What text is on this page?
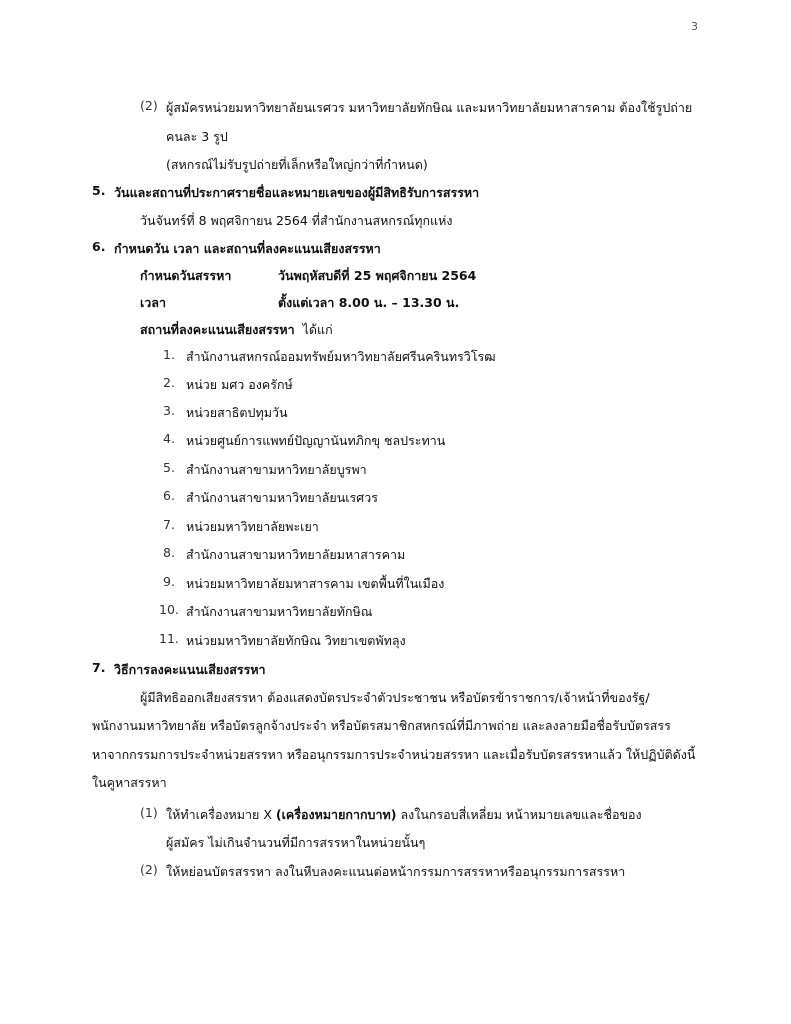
3
(2) ผู้สมัครหน่วยมหาวิทยาลัยนเรศวร มหาวิทยาลัยทักษิณ และมหาวิทยาลัยมหาสารคาม ต้องใช้รูปถ่าย
คนละ 3 รูป
(สหกรณ์ไม่รับรูปถ่ายที่เล็กหรือใหญ่กว่าที่กำหนด)
5. วันและสถานที่ประกาศรายชื่อและหมายเลขของผู้มีสิทธิรับการสรรหา
วันจันทร์ที่ 8 พฤศจิกายน 2564 ที่สำนักงานสหกรณ์ทุกแห่ง
6. กำหนดวัน เวลา และสถานที่ลงคะแนนเสียงสรรหา
กำหนดวันสรรหา	วันพฤหัสบดีที่ 25 พฤศจิกายน 2564
เวลา	ตั้งแต่เวลา 8.00 น. – 13.30 น.
สถานที่ลงคะแนนเสียงสรรหา ได้แก่
1. สำนักงานสหกรณ์ออมทรัพย์มหาวิทยาลัยศรีนครินทรวิโรฒ
2. หน่วย มศว องครักษ์
3. หน่วยสาธิตปทุมวัน
4. หน่วยศูนย์การแพทย์ปัญญานันทภิกขุ ชลประทาน
5. สำนักงานสาขามหาวิทยาลัยบูรพา
6. สำนักงานสาขามหาวิทยาลัยนเรศวร
7. หน่วยมหาวิทยาลัยพะเยา
8. สำนักงานสาขามหาวิทยาลัยมหาสารคาม
9. หน่วยมหาวิทยาลัยมหาสารคาม เขตพื้นที่ในเมือง
10. สำนักงานสาขามหาวิทยาลัยทักษิณ
11. หน่วยมหาวิทยาลัยทักษิณ วิทยาเขตพัทลุง
7. วิธีการลงคะแนนเสียงสรรหา
ผู้มีสิทธิออกเสียงสรรหา ต้องแสดงบัตรประจำตัวประชาชน หรือบัตรข้าราชการ/เจ้าหน้าที่ของรัฐ/
พนักงานมหาวิทยาลัย หรือบัตรลูกจ้างประจำ หรือบัตรสมาชิกสหกรณ์ที่มีภาพถ่าย และลงลายมือชื่อรับบัตรสรร
หาจากกรรมการประจำหน่วยสรรหา หรืออนุกรรมการประจำหน่วยสรรหา และเมื่อรับบัตรสรรหาแล้ว ให้ปฏิบัติดังนี้
ในคูหาสรรหา
(1) ให้ทำเครื่องหมาย X (เครื่องหมายกากบาท) ลงในกรอบสี่เหลี่ยม หน้าหมายเลขและชื่อของ
ผู้สมัคร ไม่เกินจำนวนที่มีการสรรหาในหน่วยนั้นๆ
(2) ให้หย่อนบัตรสรรหา ลงในหีบลงคะแนนต่อหน้ากรรมการสรรหาหรืออนุกรรมการสรรหา
